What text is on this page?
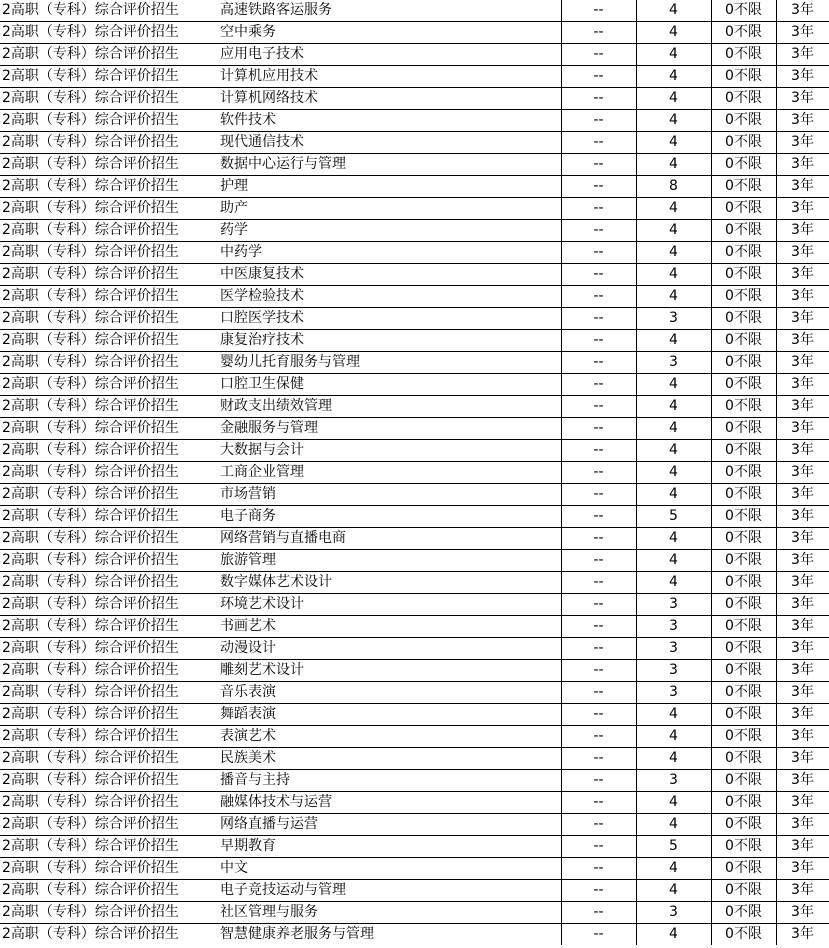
2高职（专科）综合评价招生	高速铁路客运服务	--	4	0不限	3年
2高职（专科）综合评价招生	空中乘务	--	4	0不限	3年
2高职（专科）综合评价招生	应用电子技术	--	4	0不限	3年
2高职（专科）综合评价招生	计算机应用技术	--	4	0不限	3年
2高职（专科）综合评价招生	计算机网络技术	--	4	0不限	3年
2高职（专科）综合评价招生	软件技术	--	4	0不限	3年
2高职（专科）综合评价招生	现代通信技术	--	4	0不限	3年
2高职（专科）综合评价招生	数据中心运行与管理	--	4	0不限	3年
2高职（专科）综合评价招生	护理	--	8	0不限	3年
2高职（专科）综合评价招生	助产	--	4	0不限	3年
2高职（专科）综合评价招生	药学	--	4	0不限	3年
2高职（专科）综合评价招生	中药学	--	4	0不限	3年
2高职（专科）综合评价招生	中医康复技术	--	4	0不限	3年
2高职（专科）综合评价招生	医学检验技术	--	4	0不限	3年
2高职（专科）综合评价招生	口腔医学技术	--	3	0不限	3年
2高职（专科）综合评价招生	康复治疗技术	--	4	0不限	3年
2高职（专科）综合评价招生	婴幼儿托育服务与管理	--	3	0不限	3年
2高职（专科）综合评价招生	口腔卫生保健	--	4	0不限	3年
2高职（专科）综合评价招生	财政支出绩效管理	--	4	0不限	3年
2高职（专科）综合评价招生	金融服务与管理	--	4	0不限	3年
2高职（专科）综合评价招生	大数据与会计	--	4	0不限	3年
2高职（专科）综合评价招生	工商企业管理	--	4	0不限	3年
2高职（专科）综合评价招生	市场营销	--	4	0不限	3年
2高职（专科）综合评价招生	电子商务	--	5	0不限	3年
2高职（专科）综合评价招生	网络营销与直播电商	--	4	0不限	3年
2高职（专科）综合评价招生	旅游管理	--	4	0不限	3年
2高职（专科）综合评价招生	数字媒体艺术设计	--	4	0不限	3年
2高职（专科）综合评价招生	环境艺术设计	--	3	0不限	3年
2高职（专科）综合评价招生	书画艺术	--	3	0不限	3年
2高职（专科）综合评价招生	动漫设计	--	3	0不限	3年
2高职（专科）综合评价招生	雕刻艺术设计	--	3	0不限	3年
2高职（专科）综合评价招生	音乐表演	--	3	0不限	3年
2高职（专科）综合评价招生	舞蹈表演	--	4	0不限	3年
2高职（专科）综合评价招生	表演艺术	--	4	0不限	3年
2高职（专科）综合评价招生	民族美术	--	4	0不限	3年
2高职（专科）综合评价招生	播音与主持	--	3	0不限	3年
2高职（专科）综合评价招生	融媒体技术与运营	--	4	0不限	3年
2高职（专科）综合评价招生	网络直播与运营	--	4	0不限	3年
2高职（专科）综合评价招生	早期教育	--	5	0不限	3年
2高职（专科）综合评价招生	中文	--	4	0不限	3年
2高职（专科）综合评价招生	电子竞技运动与管理	--	4	0不限	3年
2高职（专科）综合评价招生	社区管理与服务	--	3	0不限	3年
2高职（专科）综合评价招生	智慧健康养老服务与管理	--	4	0不限	3年
